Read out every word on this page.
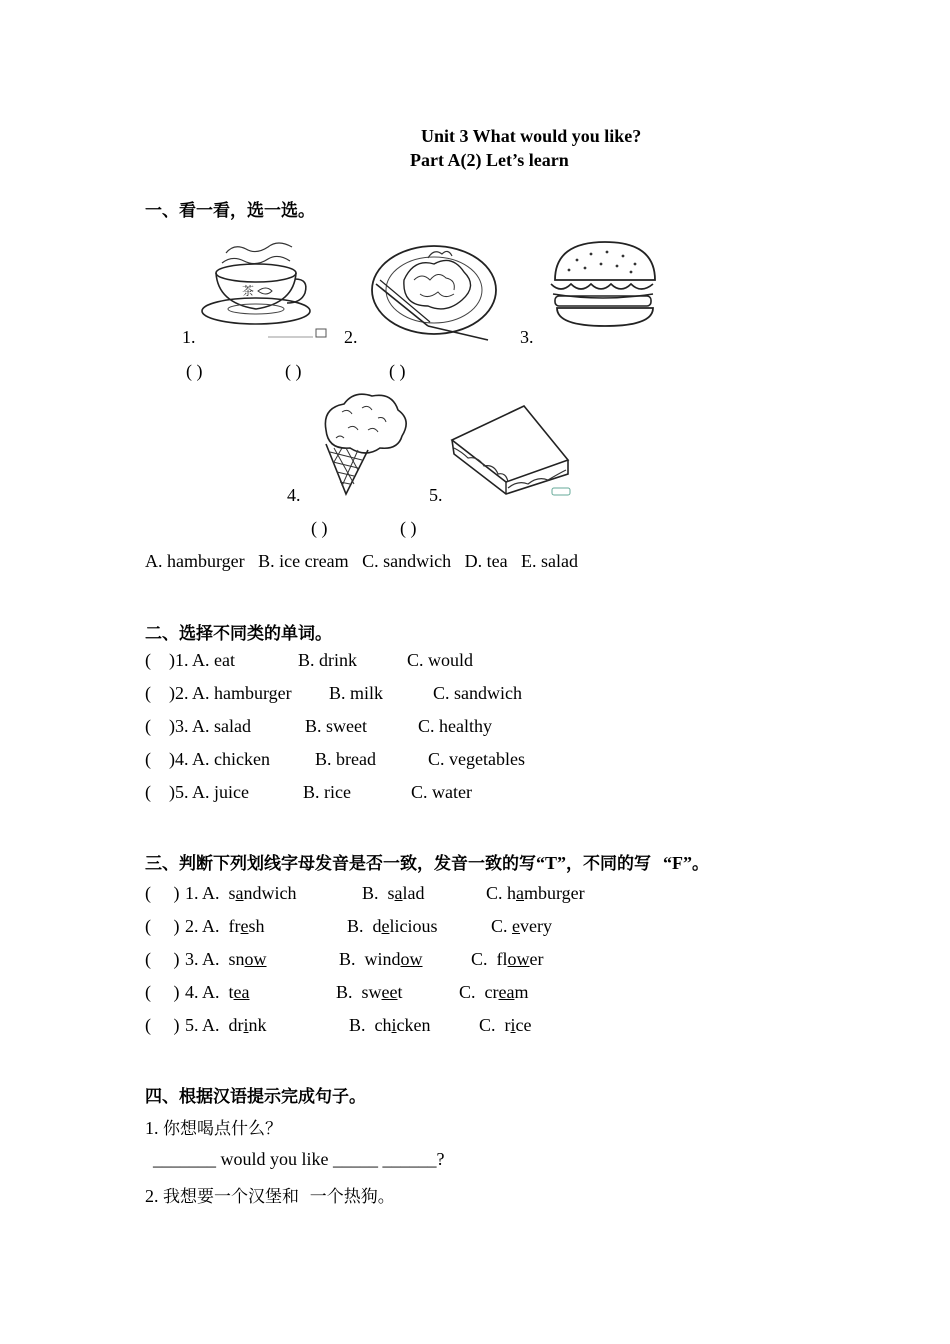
Unit 3 What would you like?
Part A(2) Let’s learn
一、看一看，选一选。
茶
1.	2.	3.
( )	( )	( )
4.	5.
( )	( )
A. hamburger   B. ice cream   C. sandwich   D. tea   E. salad
二、选择不同类的单词。
(    )1. A. eat	B. drink	C. would
(    )2. A. hamburger B. milk	C. sandwich
(    )3. A. salad	B. sweet	C. healthy
(    )4. A. chicken	B. bread	C. vegetables
(    )5. A. juice	B. rice	C. water
三、判断下列划线字母发音是否一致，发音一致的写“T”，不同的写 “F”。
(     ) 1. A. sandwich	B. salad	C. hamburger
(     ) 2. A. fresh	B. delicious	C. every
(     ) 3. A. snow	B. window	C. flower
(     ) 4. A. tea	B. sweet	C. cream
(     ) 5. A. drink	B. chicken	C. rice
四、根据汉语提示完成句子。
1. 你想喝点什么？
_______ would you like _____ ______?
2. 我想要一个汉堡和  一个热狗。
